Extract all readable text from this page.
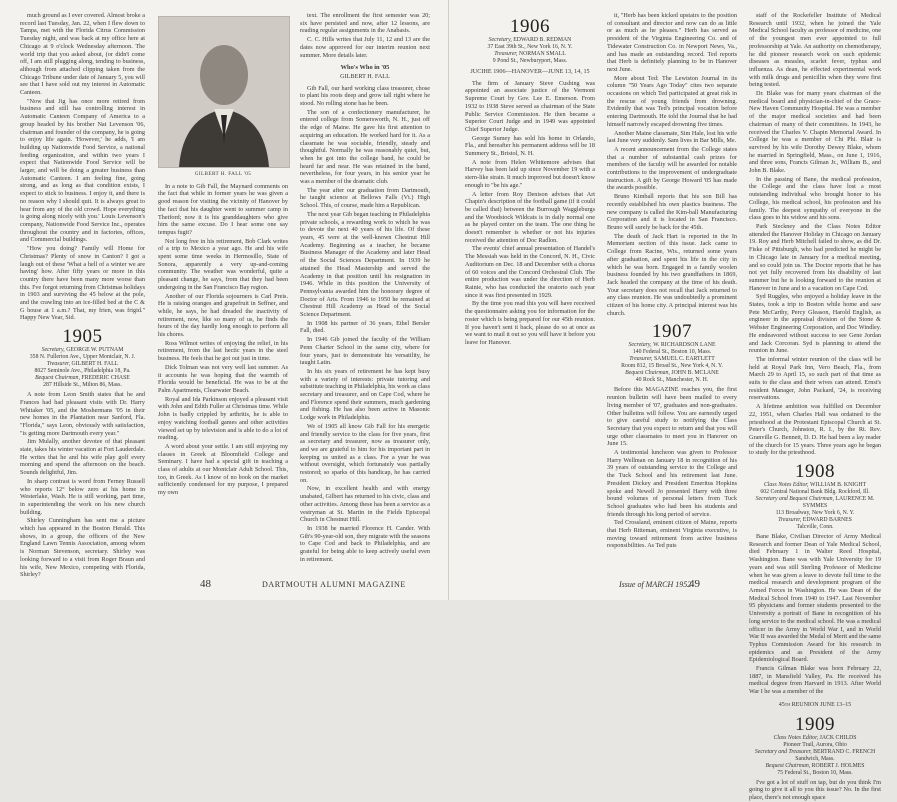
much ground as I ever covered. Almost broke a record last Tuesday, Jan. 22, when I flew down to Tampa, met with the Florida Citrus Commission Tuesday night, and was back at my office here at Chicago at 9 o'clock Wednesday afternoon. The world trip that you asked about, (or didn't come off, I am still plugging along, tending to business, although from attached clipping taken from the Chicago Tribune under date of January 5, you will see that I have sold out my interest in Automatic Canteen.

"Now that Jig has once more retired from business and still has controlling interest in Automatic Canteen Company of America to a group headed by his brother Nat Levenson '06, chairman and founder of the company, he is going to enjoy life again. 'However,' he adds, 'I am building up Nationwide Food Service, a national feeding organization, and within two years I expect that Nationwide Food Service will be larger, and will be doing a greater business than Automatic Canteen. I am feeling fine, going strong, and as long as that condition exists, I expect to stick to business. I enjoy it, and there is no reason why I should quit. It is always great to hear from any of the old crowd. Hope everything is going along nicely with you.' Louis Levenson's company, Nationwide Food Service Inc., operates throughout the country and in factories, offices, and Commercial buildings.

"How you doing? Family will Home for Christmas? Plenty of snow in Canton? I got a laugh out of these 'What a hell of a winter we are having' how. After fifty years or more in this country there have been many more worse than this. I've forgot returning from Christmas holidays in 1903 and surviving the 45 below at the pole, and the crawling into an ice-filled bed at the C & G house at 1 a.m.? That, my frien, was frigid." Happy New Year, Sid.

1905
Secretary, GEORGE W. PUTNAM
358 N. Fullerton Ave., Upper Montclair, N. J.
Treasurer, GILBERT H. FALL
8027 Seminole Ave., Philadelphia 18, Pa.
Bequest Chairman, FREDERIC CHASE
287 Hillside St., Milton 86, Mass.

A note from Leon Smith states that he and Frances had had pleasant visits with Dr. Harry Whitaker '05, and the Moshermans '05 in their new homes in the Plantation near Sanford, Fla. "Florida," says Leon, obviously with satisfaction, "is getting more Dartmouth every year."

Jim Mulally, another devotee of that pleasant state, takes his winter vacation at Fort Lauderdale. He writes that he and his wife play golf every morning and spend the afternoon on the beach. Sounds delightful, Jim.

In sharp contrast is word from Ferney Russell who reports 12° below zero at his home in Westerlake, Wash. He is still working, part time, in superintending the work on his new church building.

Shirley Cunningham has sent me a picture which has appeared in the Boston Herald. This shows, in a group, the officers of the New England Lawn Tennis Association, among whom is Norman Stevenson, secretary. Shirley was looking forward to a visit from Roger Braun and his wife, New Mexico, competing with Florida, Shirley?

GILBERT H. FALL '05

In a note to Gib Fall, the Maynard comments on the fact that while in former years he was given a good reason for visiting the vicinity of Hanover by the fact that his daughter went to summer camp in Thetford; now it is his granddaughters who give him the same excuse. Do I hear some one say tempus fugit?

Not long free in his retirement, Bob Clark writes of a trip to Mexico a year ago. He and his wife spent some time weeks in Hermosillo, State of Sonora, apparently a very up-and-coming community. The weather was wonderful, quite a pleasant change, he says, from that they had been undergoing in the San Francisco Bay region.

Another of our Florida sojourners is Carl Preis. He is raising oranges and grapefruit in Seffner, and while, he says, he had dreaded the inactivity of retirement, now, like so many of us, he finds the hours of the day hardly long enough to perform all his chores.

Ross Wilmot writes of enjoying the relief, in his retirement, from the last hectic years in the steel business. He feels that he got out just in time.

Dick Tolman was not very well last summer. As it accounts he was hoping that the warmth of Florida would be beneficial. He was to be at the Palm Apartments, Clearwater Beach.

Royal and Ida Parkinson enjoyed a pleasant visit with John and Edith Fuller at Christmas time. While John is badly crippled by arthritis, he is able to enjoy watching football games and other activities viewed set up by television and is able to do a lot of reading.

A word about your settle. I am still enjoying my classes in Greek at Bloomfield College and Seminary. I have had a special gift in teaching a class of adults at our Montclair Adult School. This, too, in Greek. As I know of no book on the market sufficiently condensed for my purpose, I prepared my own

text. The enrollment the first semester was 20; six have persisted and now, after 12 lessons, are reading regular assignments in the Anabasis.

C. C. Hills writes that July 11, 12 and 13 are the dates now approved for our interim reunion next summer. More details later.

Who's Who in '05
GILBERT H. FALL

Gib Fall, our hard working class treasurer, chose to plant his roots deep and grow tall right where he stood. No rolling stone has he been.

The son of a confectionery manufacturer, he entered college from Somersworth, N. H., just off the edge of Maine. He gave his first attention to acquiring an education. He worked hard for it. As a classmate he was sociable, friendly, steady and thoughtful. Normally he was reasonably quiet, but, when he got into the college band, he could be heard far and near. He was retained in the band, nevertheless, for four years, in his senior year he was a member of the dramatic club.

The year after our graduation from Dartmouth, he taught science at Bellows Falls (Vt.) High School. This, of course, made him a Republican.

The next year Gib began teaching in Philadelphia private schools, a rewarding work to which he was to devote the next 40 years of his life. Of these years, 45 were at the well-known Chestnut Hill Academy. Beginning as a teacher, he became Business Manager of the Academy and later Head of the Social Sciences Department. In 1939 he attained the Head Mastership and served the Academy in that position until his resignation in 1946. While in this position the University of Pennsylvania awarded him the honorary degree of Doctor of Arts. From 1946 to 1950 he remained at Chestnut Hill Academy as Head of the Social Science Department.

In 1908 his partner of 36 years, Ethel Bersler Fall, died.

In 1946 Gib joined the faculty of the William Penn Charter School in the same city, where for four years, just to demonstrate his versatility, he taught Latin.

In his six years of retirement he has kept busy with a variety of interests: private tutoring and substitute teaching in Philadelphia, his work as class secretary and treasurer, and on Cape Cod, where he and Florence spend their summers, much gardening and fishing. He has also been active in Masonic Lodge work in Philadelphia.

We of 1905 all know Gib Fall for his energetic and friendly service to the class for five years, first as secretary and treasurer, now as treasurer only, and we are grateful to him for his important part in keeping us united as a class. For a year he was without oversight, which fortunately was partially restored; so sparks of this handicap, he has carried on.

Now, in excellent health and with energy unabated, Gilbert has returned to his civic, class and other activities. Among these has been a service as a vestryman at St. Martin in the Fields Episcopal Church in Chestnut Hill.

In 1938 he married Florence H. Cander. With Gib's 90-year-old son, they migrate with the seasons to Cape Cod and back to Philadelphia, and are grateful for being able to keep actively useful even in retirement.

48	DARTMOUTH ALUMNI MAGAZINE
1906
Secretary, EDWARD B. REDMAN
37 East 39th St., New York 16, N. Y.
Treasurer, NORMAN SMALL
9 Pond St., Newburyport, Mass.
JUCIHE 1906—HANOVER—JUNE 13, 14, 15

The firm of January Steve Cushing was appointed an associate justice of the Vermont Supreme Court by Gov. Lee E. Emerson. From 1932 to 1938 Steve served as chairman of the State Public Service Commission. He then became a Superior Court Judge and in 1949 was appointed Chief Superior Judge.

George Sumey has sold his home in Orlando, Fla., and hereafter his permanent address will be 18 Summery St., Bristol, N. H.

A note from Helen Whittemore advises that Harvey has been laid up since November 19 with a stern-like strain. It much improved but doesn't know enough to "be his age."

A letter from Roy Denison advises that Art Chapin's description of the football game (if it could be called that) between the Burrough Waggleburgs and the Woodstock Wildcats is in daily normal one as he played center on the team. The one thing he doesn't remember is whether or not his injuries received the attention of Doc Radlon.

The events' chief annual presentation of Handel's The Messiah was held in the Concord, N. H., Civic Auditorium on Dec. 18 and December with a chorus of 60 voices and the Concord Orchestral Club. The entire production was under the direction of Herb Rainie, who has conducted the oratorio each year since it was first presented in 1929.

By the time you read this you will have received the questionnaire asking you for information for the roster which is being prepared for our 45th reunion. If you haven't sent it back, please do so at once as we want to mail it out so you will have it before you leave for Hanover.

it, "Herb has been kicked upstairs to the position of consultant and director and now can do as little or as much as he pleases." Herb has served as president of the Virginia Engineering Co. and of Tidewater Construction Co. in Newport News, Va., and has made an outstanding record. Ted reports that Herb is definitely planning to be in Hanover next June.

More about Ted: The Lewiston Journal in its column "50 Years Ago Today" cites two separate occasions on which Ted participated at great risk in the rescue of young friends from drowning. Evidently that was Ted's principal vocation before entering Dartmouth. He told the Journal that he had himself narrowly escaped drowning five times.

Another Maine classmate, Sim Hale, lost his wife last June very suddenly. Sam lives in Bar Mills, Me.

A recent announcement from the College states that a number of substantial cash prizes for members of the faculty will be awarded for notable contributions to the improvement of undergraduate instruction. A gift by George Howard '05 has made the awards possible.

Bruno Kimball reports that his son Bill has recently established his own plastics business. The new company is called the Kim-ball Manufacturing Corporation and it is located in San Francisco. Bruno will surely be back for the 45th.

The death of Jack Hart is reported in the In Memoriam section of this issue. Jack came to College from Racine, Wis., returned some years after graduation, and spent his life in the city in which he was born. Engaged in a family woolen business founded by his two grandfathers in 1869, Jack headed the company at the time of his death. Your secretary does not recall that Jack returned to any class reunion. He was undoubtedly a prominent citizen of his home city. A principal interest was his church.

1907
Secretary, W. RICHARDSON LANE
140 Federal St., Boston 10, Mass.
Treasurer, SAMUEL C. EARTLETT
Room 812, 15 Broad St., New York 4, N. Y.
Bequest Chairman, JOHN B. MCLANE
40 Rock St., Manchester, N. H.

Before this MAGAZINE reaches you, the first reunion bulletin will have been mailed to every living member of '07, graduates and non-graduates. Other bulletins will follow. You are earnestly urged to give careful study to notifying the Class Secretary that you expect to return and that you will urge other classmates to meet you in Hanover on June 15.

A testimonial luncheon was given to Professor Harry Wellman on January 18 in recognition of his 39 years of outstanding service to the College and the Tuck School and his retirement last June. President Dickey and President Emeritus Hopkins spoke and Newell Jo presented Harry with three bound volumes of personal letters from Tuck School graduates who had been his students and friends through his long period of service.

Ted Crossland, eminent citizen of Maine, reports that Herb Ritteman, eminent Virginia executive, is moving toward retirement from active business responsibilities. As Ted puts

staff of the Rockefeller Institute of Medical Research until 1932, when he joined the Yale Medical School faculty as professor of medicine, one of the youngest men ever appointed to full professorship at Yale. An authority on chemotherapy, he did pioneer research work on such epidemic diseases as measles, scarlet fever, typhus and influenza. As dean, he effected experimental work with milk drugs and penicillin when they were first being tested.

Dr. Blake was for many years chairman of the medical board and physician-in-chief of the Grace-New Haven Community Hospital. He was a member of the major medical societies and had been chairman of many of their committees. In 1943, he received the Charles V. Chapin Memorial Award. In College he was a member of Chi Phi. Blair is survived by his wife Dorothy Dewey Blake, whom he married in Springfield, Mass., on June 1, 1916, and three sons, Francis Gilman Jr., William B., and John B. Blake.

In the passing of Bane, the medical profession, the College and the class have lost a most outstanding individual who brought honor to his College, his medical school, his profession and his family. The deepest sympathy of everyone in the class goes to his widow and his sons.

Park Steckney and the Class Notes Editor attended the Hanover Holiday in Chicago on January 19. Roy and Herb Mitchell failed to show, as did Dr. Fiske of Pittsburgh, who had predicted he might be in Chicago late in January for a medical meeting, and so could join us. The Doctor reports that he has not yet fully recovered from his disability of last summer but he is looking forward to the reunion at Hanover in June and to a vacation on Cape Cod.

Syd Ruggles, who enjoyed a holiday leave in the States, took a trip to Boston while home and saw Pete McCarthy, Percy Gleason, Harold English, as engineer in the appraisal division of the Stone & Webster Engineering Corporation, and Doc Windley. He endeavored without success to see Gene Jordan and Jack Corcoran. Syd is planning to attend the reunion in June.

The informal winter reunion of the class will be held at Royal Park Inn, Vero Beach, Fla., from March 29 to April 15, so such part of that time as suits to the class and their wives can attend. Ernst's resident Manager, John Packard, '24, is receiving reservations.

A lifetime ambition was fulfilled on December 22, 1951, when Charles Hall was ordained to the priesthood at the Protestant Episcopal Church at St. Peter's Church, Johnston, R. I., by the Rt. Rev. Granville G. Bennett, D. D. He had been a lay reader of the church for 15 years. Three years ago he began to study for the priesthood.

1908
Class Notes Editor, WILLIAM B. KNIGHT
602 Central National Bank Bldg. Rockford, Ill.
Secretary and Bequest Chairman, LAURENCE M. SYMMES
113 Broadway, New York 6, N. Y.
Treasurer, EDWARD BARNES
Talcville, Conn.

Bane Blake, Civilian Director of Army Medical Research and former Dean of Yale Medical School, died February 1 in Walter Reed Hospital, Washington. Bane was with Yale University for 19 years and was still Sterling Professor of Medicine when he was given a leave to devote full time to the medical research and development program of the Armed Forces in Washington. He was Dean of the Medical School from 1940 to 1947. Last November 95 physicians and former students presented to the University a portrait of Bane in recognition of his long service to the medical school. He was a medical officer in the Army in World War I, and in World War II was awarded the Medal of Merit and the same Typhus Commission Award for his research in epidemics and as President of the Army Epidemiological Board.

Francis Gilman Blake was born February 22, 1887, in Mansfield Valley, Pa. He received his medical degree from Harvard in 1913. After World War I he was a member of the

45th REUNION JUNE 13–15
1909
Class Notes Editor, JACK CHILDS
Pioneer Trail, Aurora, Ohio
Secretary and Treasurer, BERTRAND C. FRENCH
Sandwich, Mass.
Bequest Chairman, ROBERT J. HOLMES
75 Federal St., Boston 10, Mass.

I've got a lot of stuff on tap, but do you think I'm going to give it all to you this issue? No. In the first place, there's not enough space

Issue of MARCH 1952
49
